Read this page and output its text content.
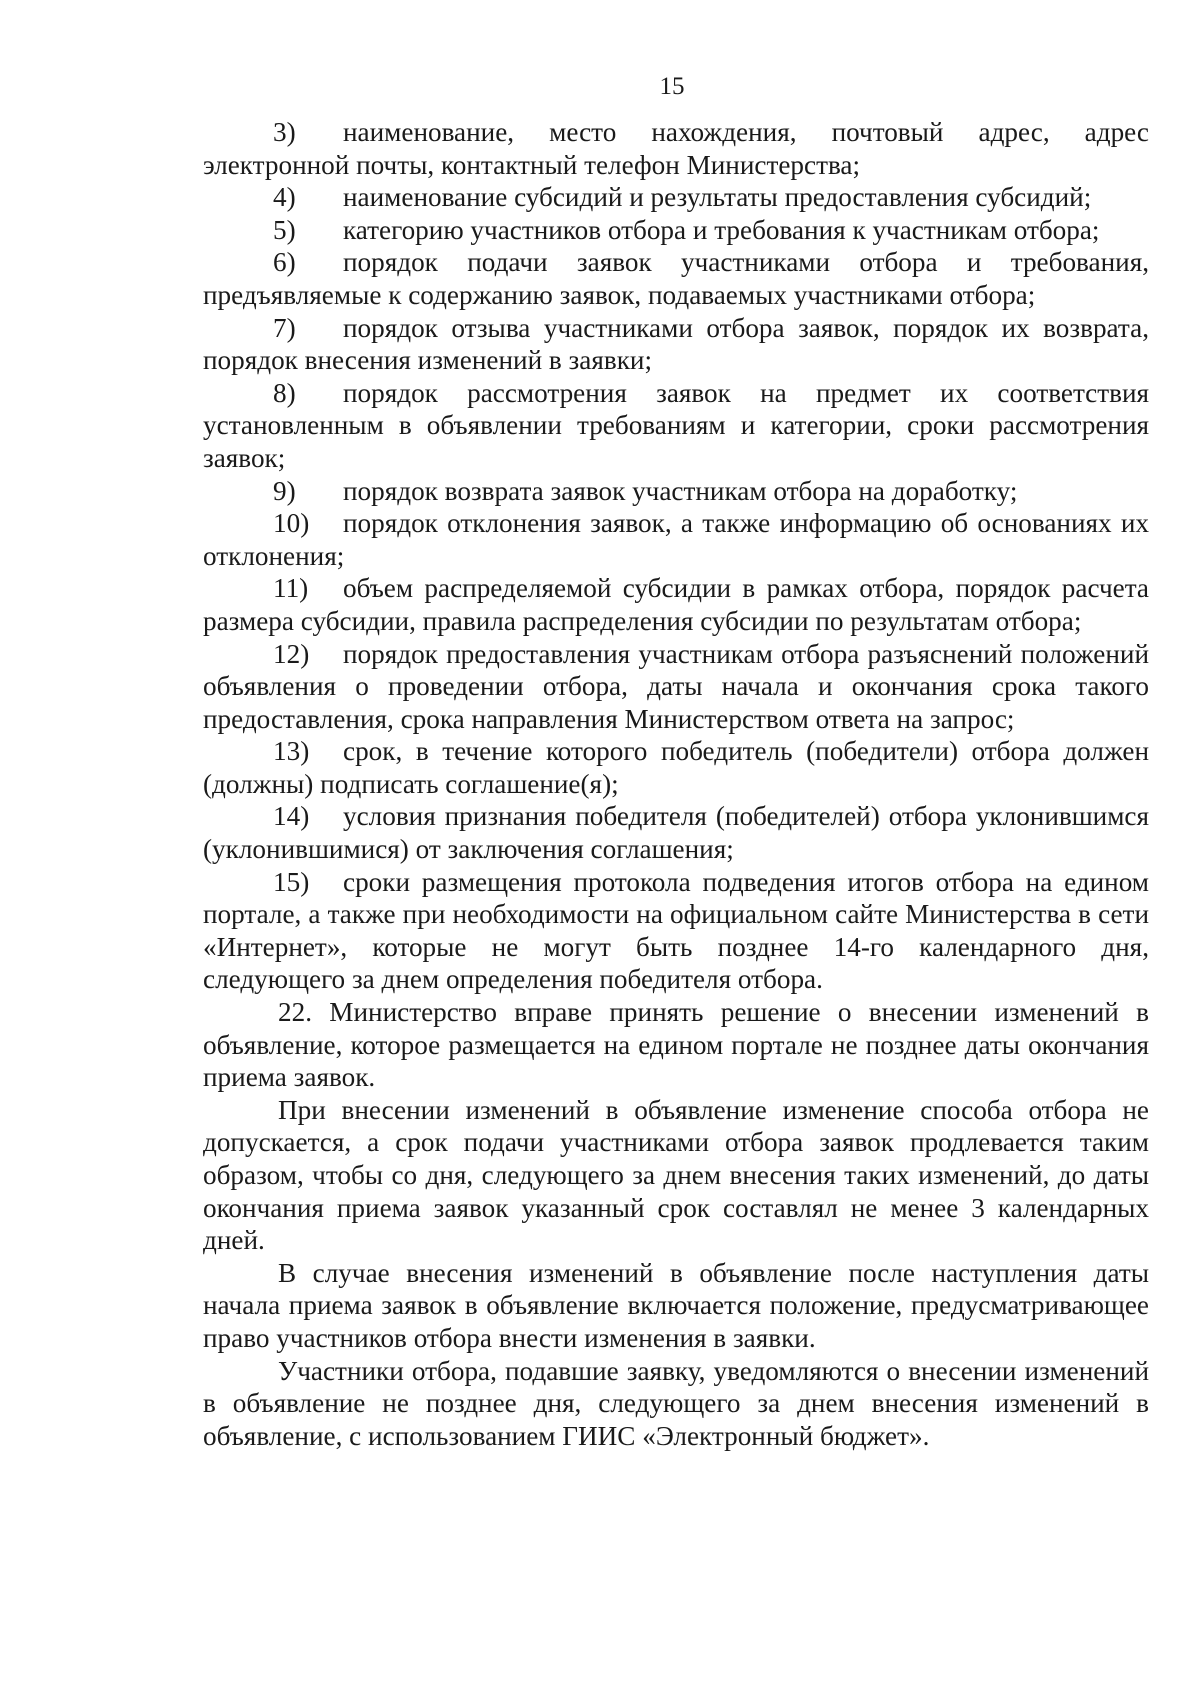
15

3) наименование, место нахождения, почтовый адрес, адрес электронной почты, контактный телефон Министерства;

4) наименование субсидий и результаты предоставления субсидий;

5) категорию участников отбора и требования к участникам отбора;

6) порядок подачи заявок участниками отбора и требования, предъявляемые к содержанию заявок, подаваемых участниками отбора;

7) порядок отзыва участниками отбора заявок, порядок их возврата, порядок внесения изменений в заявки;

8) порядок рассмотрения заявок на предмет их соответствия установленным в объявлении требованиям и категории, сроки рассмотрения заявок;

9) порядок возврата заявок участникам отбора на доработку;

10) порядок отклонения заявок, а также информацию об основаниях их отклонения;

11) объем распределяемой субсидии в рамках отбора, порядок расчета размера субсидии, правила распределения субсидии по результатам отбора;

12) порядок предоставления участникам отбора разъяснений положений объявления о проведении отбора, даты начала и окончания срока такого предоставления, срока направления Министерством ответа на запрос;

13) срок, в течение которого победитель (победители) отбора должен (должны) подписать соглашение(я);

14) условия признания победителя (победителей) отбора уклонившимся (уклонившимися) от заключения соглашения;

15) сроки размещения протокола подведения итогов отбора на едином портале, а также при необходимости на официальном сайте Министерства в сети «Интернет», которые не могут быть позднее 14-го календарного дня, следующего за днем определения победителя отбора.

22. Министерство вправе принять решение о внесении изменений в объявление, которое размещается на едином портале не позднее даты окончания приема заявок.

При внесении изменений в объявление изменение способа отбора не допускается, а срок подачи участниками отбора заявок продлевается таким образом, чтобы со дня, следующего за днем внесения таких изменений, до даты окончания приема заявок указанный срок составлял не менее 3 календарных дней.

В случае внесения изменений в объявление после наступления даты начала приема заявок в объявление включается положение, предусматривающее право участников отбора внести изменения в заявки.

Участники отбора, подавшие заявку, уведомляются о внесении изменений в объявление не позднее дня, следующего за днем внесения изменений в объявление, с использованием ГИИС «Электронный бюджет».
